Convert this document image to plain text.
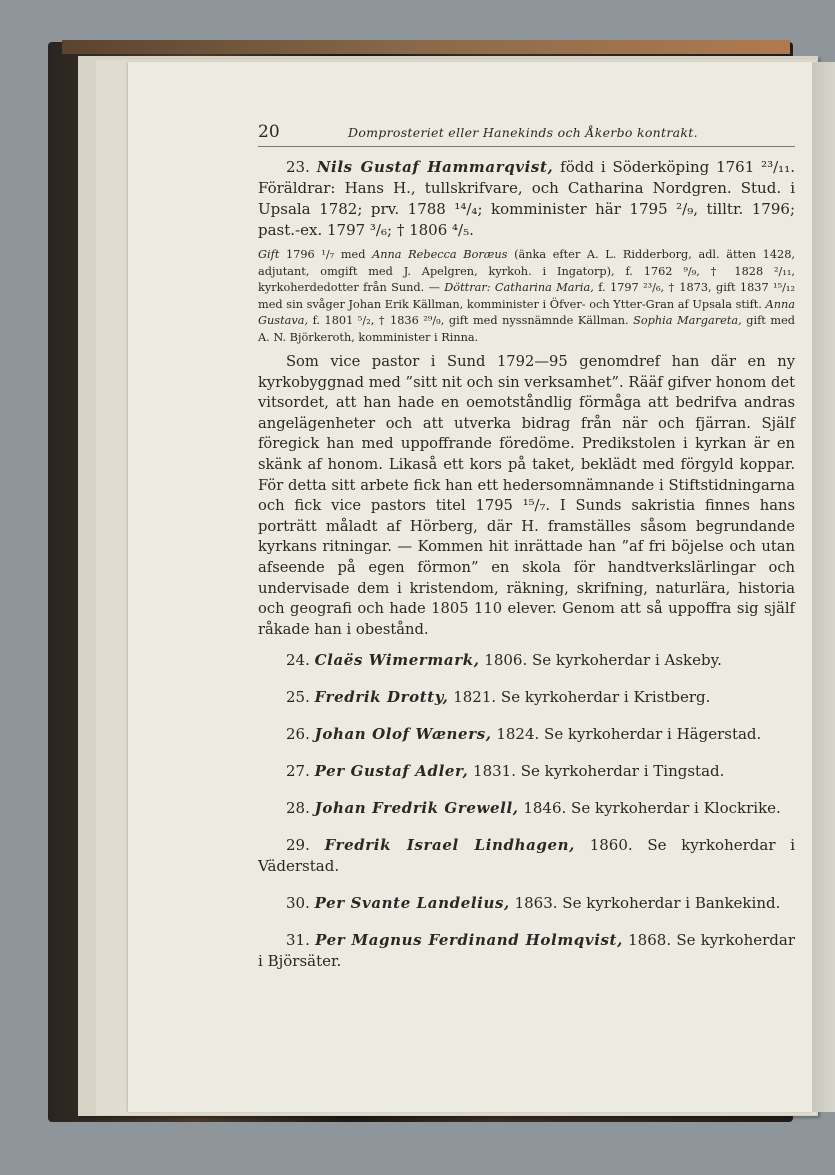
20	Domprosteriet eller Hanekinds och Åkerbo kontrakt.

23. Nils Gustaf Hammarqvist, född i Söderköping 1761 ²³/₁₁. Föräldrar: Hans H., tullskrifvare, och Catharina Nordgren. Stud. i Upsala 1782; prv. 1788 ¹⁴/₄; komminister här 1795 ²/₉, tilltr. 1796; past.-ex. 1797 ³/₆; † 1806 ⁴/₅.

Gift 1796 ¹/₇ med Anna Rebecca Boræus (änka efter A. L. Ridderborg, adl. ätten 1428, adjutant, omgift med J. Apelgren, kyrkoh. i Ingatorp), f. 1762 ⁹/₉, † 1828 ²/₁₁, kyrkoherdedotter från Sund. — Döttrar: Catharina Maria, f. 1797 ²³/₆, † 1873, gift 1837 ¹⁵/₁₂ med sin svåger Johan Erik Källman, komminister i Öfver- och Ytter-Gran af Upsala stift. Anna Gustava, f. 1801 ⁵/₂, † 1836 ²⁹/₉, gift med nyssnämnde Källman. Sophia Margareta, gift med A. N. Björkeroth, komminister i Rinna.

Som vice pastor i Sund 1792—95 genomdref han där en ny kyrkobyggnad med ”sitt nit och sin verksamhet”. Rääf gifver honom det vitsordet, att han hade en oemotståndlig förmåga att bedrifva andras angelägenheter och att utverka bidrag från när och fjärran. Själf föregick han med uppoffrande föredöme. Predikstolen i kyrkan är en skänk af honom. Likaså ett kors på taket, beklädt med förgyld koppar. För detta sitt arbete fick han ett hedersomnämnande i Stiftstidningarna och fick vice pastors titel 1795 ¹⁵/₇. I Sunds sakristia finnes hans porträtt måladt af Hörberg, där H. framställes såsom begrundande kyrkans ritningar. — Kommen hit inrättade han ”af fri böjelse och utan afseende på egen förmon” en skola för handtverkslärlingar och undervisade dem i kristendom, räkning, skrifning, naturlära, historia och geografi och hade 1805 110 elever. Genom att så uppoffra sig själf råkade han i obestånd.

24. Claës Wimermark, 1806. Se kyrkoherdar i Askeby.

25. Fredrik Drotty, 1821. Se kyrkoherdar i Kristberg.

26. Johan Olof Wæners, 1824. Se kyrkoherdar i Hägerstad.

27. Per Gustaf Adler, 1831. Se kyrkoherdar i Tingstad.

28. Johan Fredrik Grewell, 1846. Se kyrkoherdar i Klockrike.

29. Fredrik Israel Lindhagen, 1860. Se kyrkoherdar i Väderstad.

30. Per Svante Landelius, 1863. Se kyrkoherdar i Bankekind.

31. Per Magnus Ferdinand Holmqvist, 1868. Se kyrkoherdar i Björsäter.
